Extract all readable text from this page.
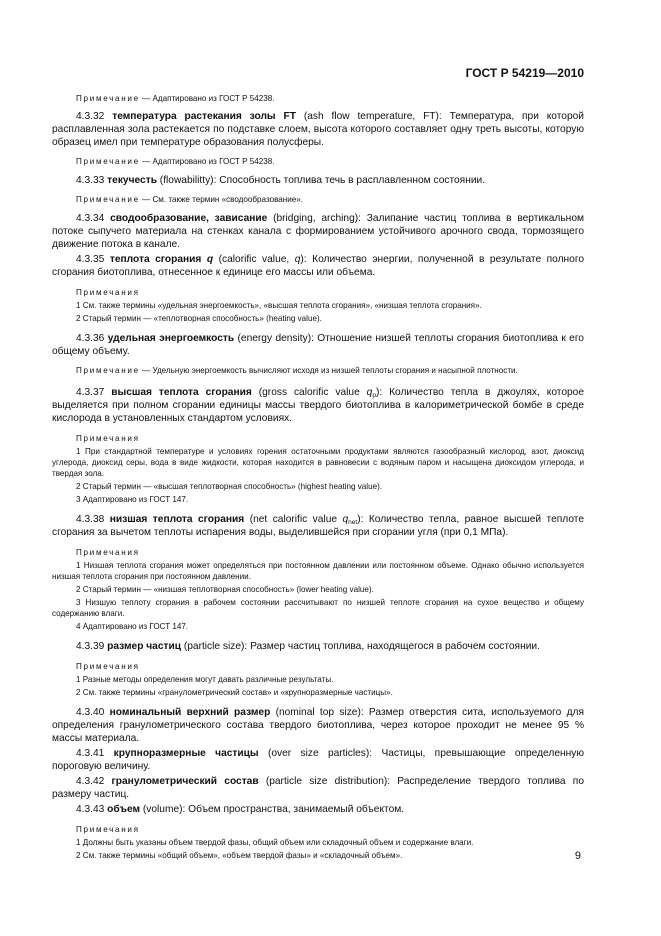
ГОСТ Р 54219—2010

Примечание — Адаптировано из ГОСТ Р 54238.

4.3.32 температура растекания золы FT (ash flow temperature, FT): Температура, при которой расплавленная зола растекается по подставке слоем, высота которого составляет одну треть высоты, которую образец имел при температуре образования полусферы.

Примечание — Адаптировано из ГОСТ Р 54238.

4.3.33 текучесть (flowabilitty): Способность топлива течь в расплавленном состоянии.

Примечание — См. также термин «сводообразование».

4.3.34 сводообразование, зависание (bridging, arching): Залипание частиц топлива в вертикальном потоке сыпучего материала на стенках канала с формированием устойчивого арочного свода, тормозящего движение потока в канале.

4.3.35 теплота сгорания q (calorific value, q): Количество энергии, полученной в результате полного сгорания биотоплива, отнесенное к единице его массы или объема.

Примечания

1 См. также термины «удельная энергоемкость», «высшая теплота сгорания», «низшая теплота сгорания».

2 Старый термин — «теплотворная способность» (heating value).

4.3.36 удельная энергоемкость (energy density): Отношение низшей теплоты сгорания биотоплива к его общему объему.

Примечание — Удельную энергоемкость вычисляют исходя из низшей теплоты сгорания и насыпной плотности.

4.3.37 высшая теплота сгорания (gross calorific value $q_p$): Количество тепла в джоулях, которое выделяется при полном сгорании единицы массы твердого биотоплива в калориметрической бомбе в среде кислорода в установленных стандартом условиях.

Примечания

1 При стандартной температуре и условиях горения остаточными продуктами являются газообразный кислород, азот, диоксид углерода, диоксид серы, вода в виде жидкости, которая находится в равновесии с водяным паром и насыщена диоксидом углерода, и твердая зола.

2 Старый термин — «высшая теплотворная способность» (highest heating value).

3 Адаптировано из ГОСТ 147.

4.3.38 низшая теплота сгорания (net calorific value $q_{net}$): Количество тепла, равное высшей теплоте сгорания за вычетом теплоты испарения воды, выделившейся при сгорании угля (при 0,1 МПа).

Примечания

1 Низшая теплота сгорания может определяться при постоянном давлении или постоянном объеме. Однако обычно используется низшая теплота сгорания при постоянном давлении.

2 Старый термин — «низшая теплотворная способность» (lower heating value).

3 Низшую теплоту сгорания в рабочем состоянии рассчитывают по низшей теплоте сгорания на сухое вещество и общему содержанию влаги.

4 Адаптировано из ГОСТ 147.

4.3.39 размер частиц (particle size): Размер частиц топлива, находящегося в рабочем состоянии.

Примечания

1 Разные методы определения могут давать различные результаты.

2 См. также термины «гранулометрический состав» и «крупноразмерные частицы».

4.3.40 номинальный верхний размер (nominal top size): Размер отверстия сита, используемого для определения гранулометрического состава твердого биотоплива, через которое проходит не менее 95 % массы материала.

4.3.41 крупноразмерные частицы (over size particles): Частицы, превышающие определенную пороговую величину.

4.3.42 гранулометрический состав (particle size distribution): Распределение твердого топлива по размеру частиц.

4.3.43 объем (volume): Объем пространства, занимаемый объектом.

Примечания

1 Должны быть указаны объем твердой фазы, общий объем или складочный объем и содержание влаги.

2 См. также термины «общий объем», «объем твердой фазы» и «складочный объем».	9
